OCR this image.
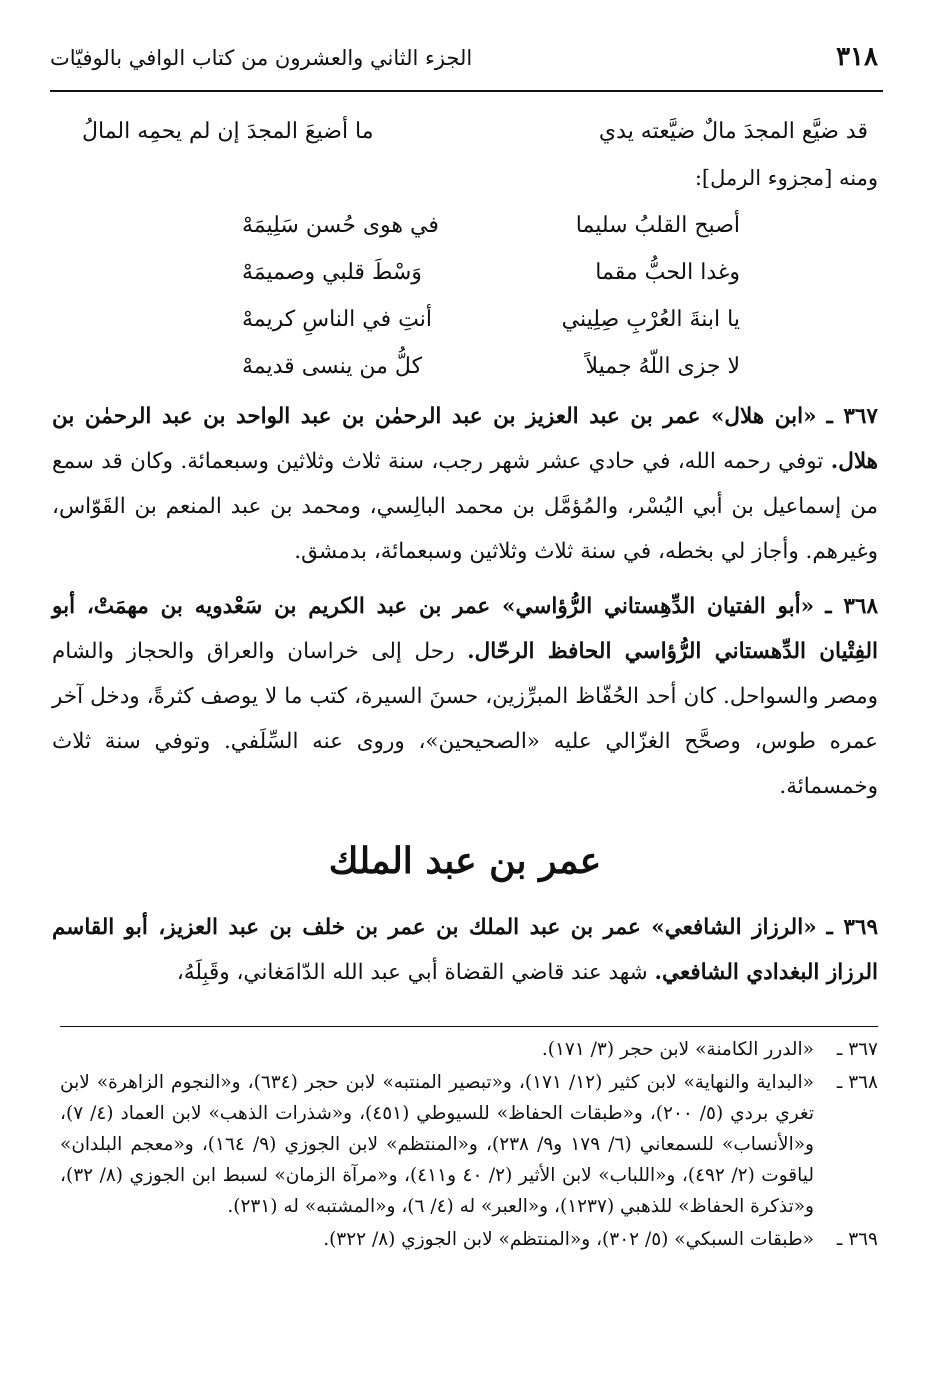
٣١٨
الجزء الثاني والعشرون من كتاب الوافي بالوفيّات
قد ضيَّع المجدَ مالٌ ضيَّعته يدي
ما أضيعَ المجدَ إن لم يحمِه المالُ
ومنه [مجزوء الرمل]:
أصبح القلبُ سليما
في هوى حُسن سَلِيمَهْ
وغدا الحبُّ مقما
وَسْطَ قلبي وصميمَهْ
يا ابنةَ العُرْبِ صِلِيني
أنتِ في الناسِ كريمهْ
لا جزى اللّهُ جميلاً
كلُّ من ينسى قديمهْ
٣٦٧ ـ «ابن هلال» عمر بن عبد العزيز بن عبد الرحمٰن بن عبد الواحد بن عبد الرحمٰن بن هلال. توفي رحمه الله، في حادي عشر شهر رجب، سنة ثلاث وثلاثين وسبعمائة. وكان قد سمع من إسماعيل بن أبي اليُسْر، والمُؤمَّل بن محمد البالِسي، ومحمد بن عبد المنعم بن القَوّاس، وغيرهم. وأجاز لي بخطه، في سنة ثلاث وثلاثين وسبعمائة، بدمشق.
٣٦٨ ـ «أبو الفتيان الدِّهِستاني الرُّؤاسي» عمر بن عبد الكريم بن سَعْدويه بن مهمَتْ، أبو الفِتْيان الدِّهستاني الرُّؤاسي الحافظ الرحّال. رحل إلى خراسان والعراق والحجاز والشام ومصر والسواحل. كان أحد الحُفّاظ المبرِّزين، حسنَ السيرة، كتب ما لا يوصف كثرةً، ودخل آخر عمره طوس، وصحَّح الغزّالي عليه «الصحيحين»، وروى عنه السِّلَفي. وتوفي سنة ثلاث وخمسمائة.
عمر بن عبد الملك
٣٦٩ ـ «الرزاز الشافعي» عمر بن عبد الملك بن عمر بن خلف بن عبد العزيز، أبو القاسم الرزاز البغدادي الشافعي. شهد عند قاضي القضاة أبي عبد الله الدّامَغاني، وقَبِلَهُ،
٣٦٧ ـ
«الدرر الكامنة» لابن حجر (٣/ ١٧١).
٣٦٨ ـ
«البداية والنهاية» لابن كثير (١٢/ ١٧١)، و«تبصير المنتبه» لابن حجر (٦٣٤)، و«النجوم الزاهرة» لابن تغري بردي (٥/ ٢٠٠)، و«طبقات الحفاظ» للسيوطي (٤٥١)، و«شذرات الذهب» لابن العماد (٤/ ٧)، و«الأنساب» للسمعاني (٦/ ١٧٩ و٩/ ٢٣٨)، و«المنتظم» لابن الجوزي (٩/ ١٦٤)، و«معجم البلدان» لياقوت (٢/ ٤٩٢)، و«اللباب» لابن الأثير (٢/ ٤٠ و٤١١)، و«مرآة الزمان» لسبط ابن الجوزي (٨/ ٣٢)، و«تذكرة الحفاظ» للذهبي (١٢٣٧)، و«العبر» له (٤/ ٦)، و«المشتبه» له (٢٣١).
٣٦٩ ـ
«طبقات السبكي» (٥/ ٣٠٢)، و«المنتظم» لابن الجوزي (٨/ ٣٢٢).
